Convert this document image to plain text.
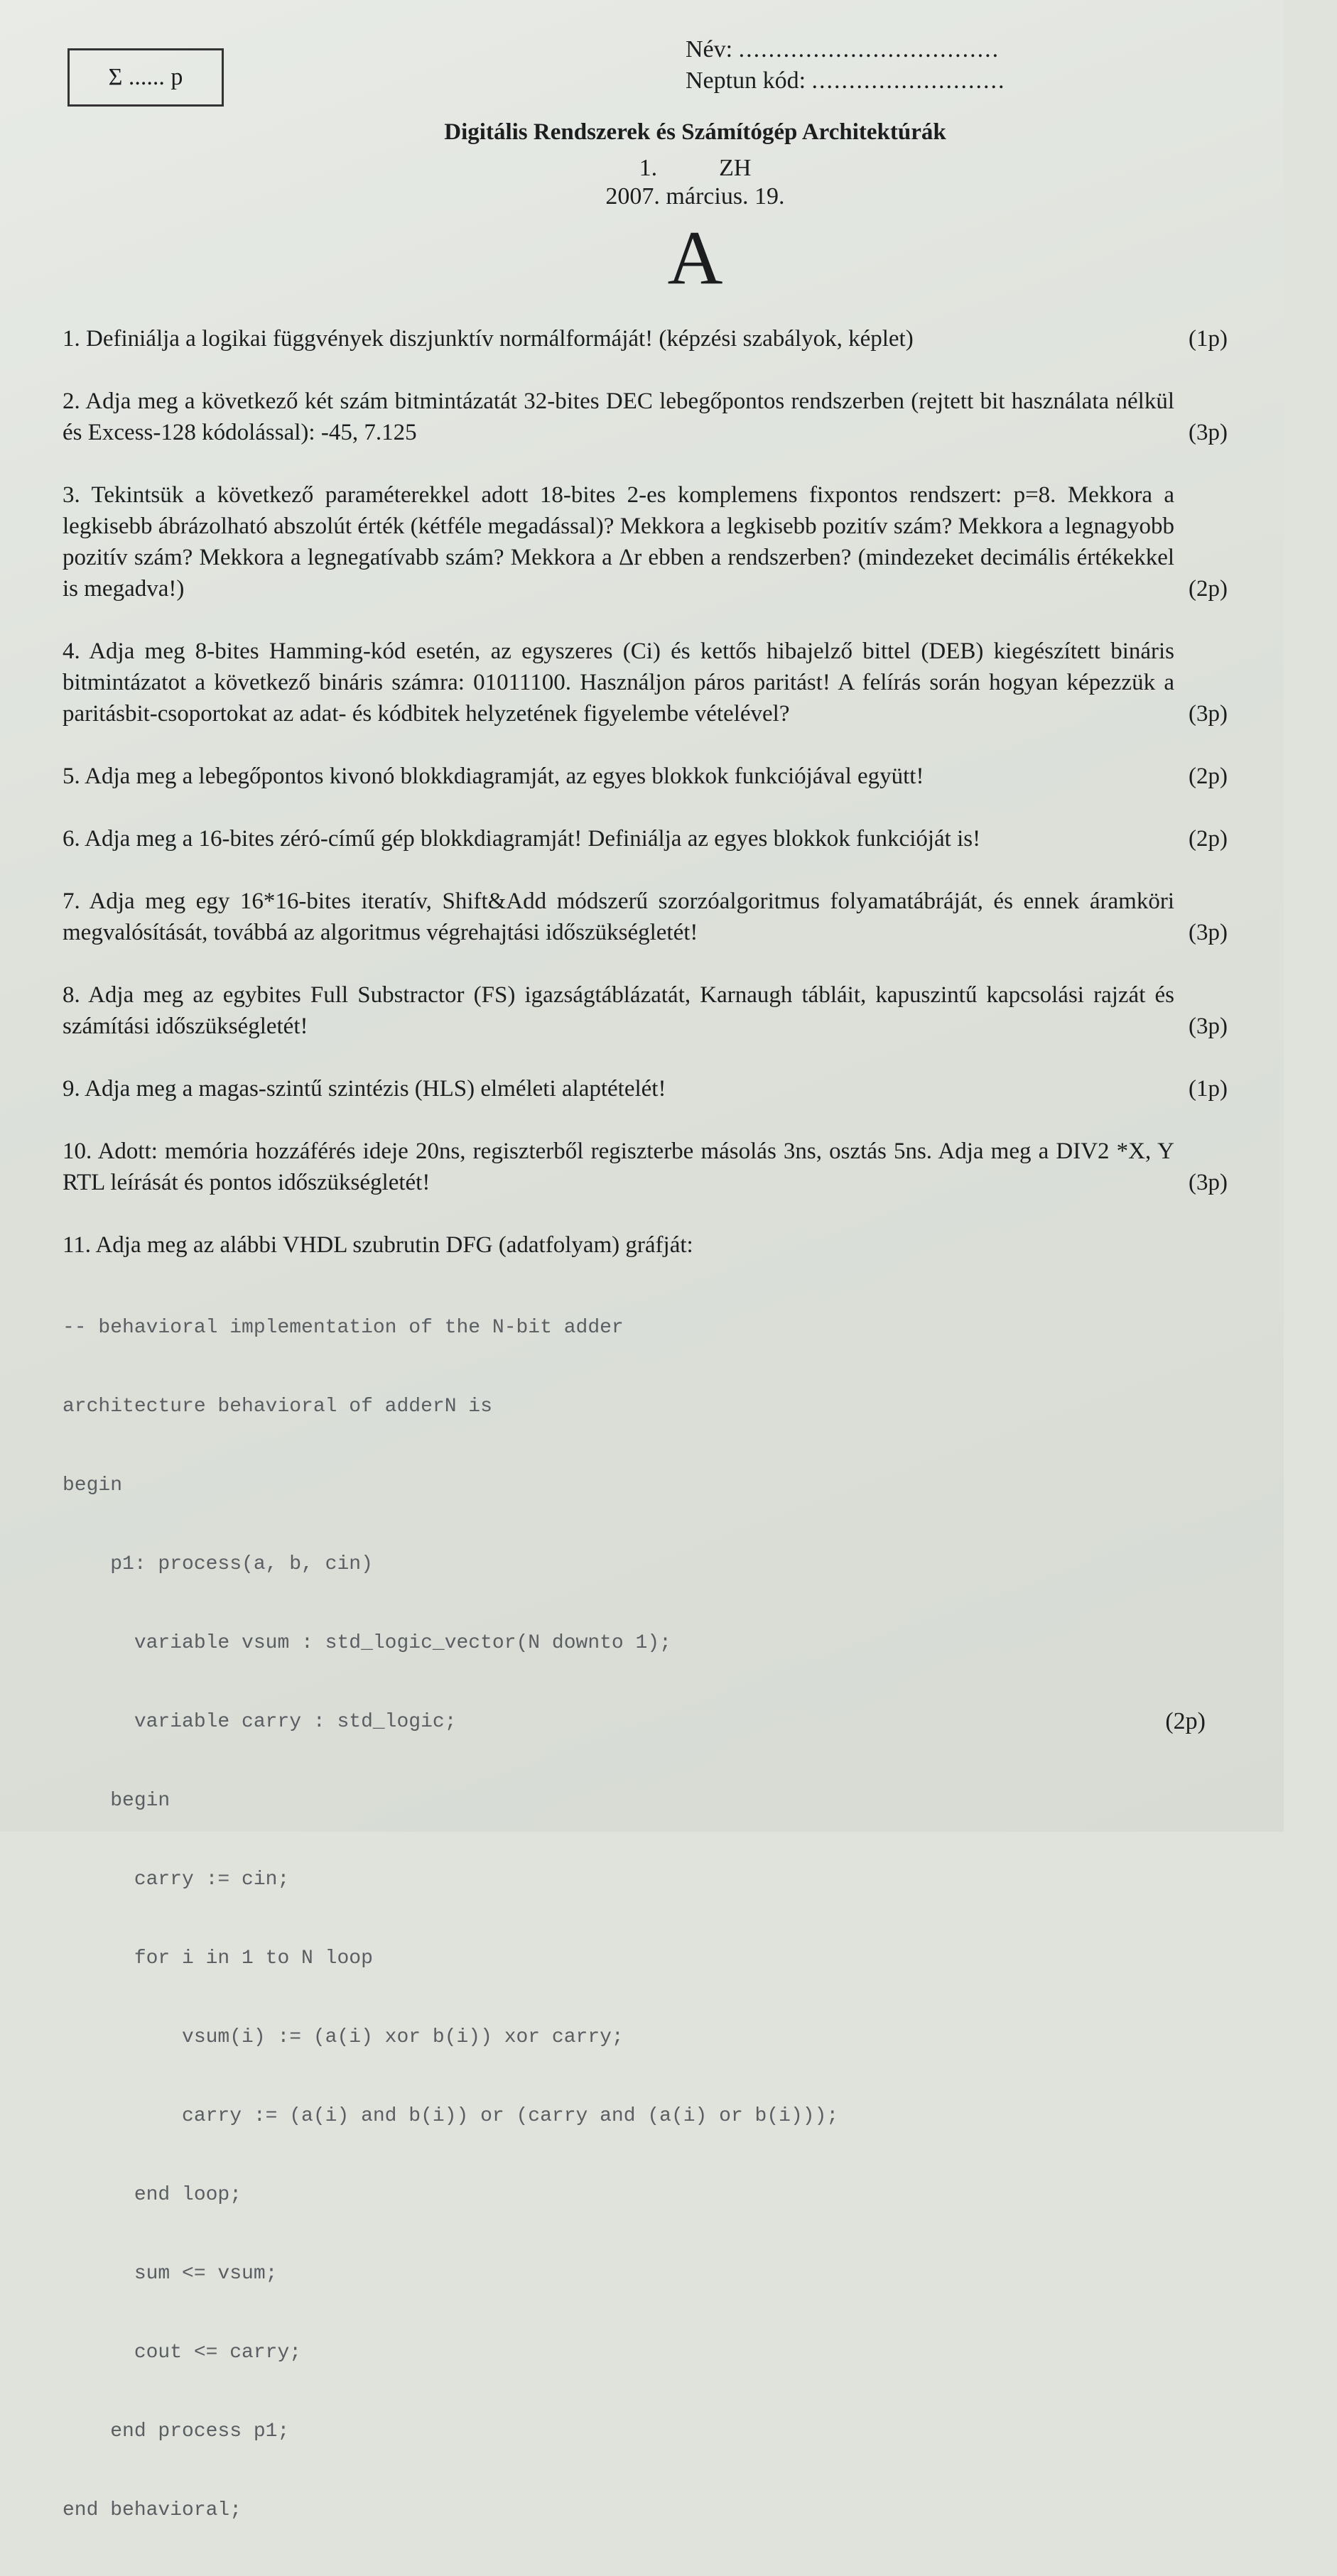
Σ ...... p
Név: ...................................
Neptun kód: ..........................
Digitális Rendszerek és Számítógép Architektúrák
1.	ZH
2007. március. 19.
A
(1p)
1. Definiálja a logikai függvények diszjunktív normálformáját! (képzési szabályok, képlet)
(3p)
2. Adja meg a következő két szám bitmintázatát 32-bites DEC lebegőpontos rendszerben (rejtett bit használata nélkül és Excess-128 kódolással): -45, 7.125
(2p)
3. Tekintsük a következő paraméterekkel adott 18-bites 2-es komplemens fixpontos rendszert: p=8. Mekkora a legkisebb ábrázolható abszolút érték (kétféle megadással)? Mekkora a legkisebb pozitív szám? Mekkora a legnagyobb pozitív szám? Mekkora a legnegatívabb szám? Mekkora a Δr ebben a rendszerben? (mindezeket decimális értékekkel is megadva!)
(3p)
4. Adja meg 8-bites Hamming-kód esetén, az egyszeres (Ci) és kettős hibajelző bittel (DEB) kiegészített bináris bitmintázatot a következő bináris számra: 01011100. Használjon páros paritást! A felírás során hogyan képezzük a paritásbit-csoportokat az adat- és kódbitek helyzetének figyelembe vételével?
(2p)
5. Adja meg a lebegőpontos kivonó blokkdiagramját, az egyes blokkok funkciójával együtt!
(2p)
6. Adja meg a 16-bites zéró-című gép blokkdiagramját! Definiálja az egyes blokkok funkcióját is!
(3p)
7. Adja meg egy 16*16-bites iteratív, Shift&Add módszerű szorzóalgoritmus folyamatábráját, és ennek áramköri megvalósítását, továbbá az algoritmus végrehajtási időszükségletét!
(3p)
8. Adja meg az egybites Full Substractor (FS) igazságtáblázatát, Karnaugh tábláit, kapuszintű kapcsolási rajzát és számítási időszükségletét!
(1p)
9. Adja meg a magas-szintű szintézis (HLS) elméleti alaptételét!
(3p)
10. Adott: memória hozzáférés ideje 20ns, regiszterből regiszterbe másolás 3ns, osztás 5ns. Adja meg a DIV2 *X, Y RTL leírását és pontos időszükségletét!
11. Adja meg az alábbi VHDL szubrutin DFG (adatfolyam) gráfját:

-- behavioral implementation of the N-bit adder

architecture behavioral of adderN is

begin

p1: process(a, b, cin)

variable vsum : std_logic_vector(N downto 1);

variable carry : std_logic;

begin

carry := cin;

for i in 1 to N loop

vsum(i) := (a(i) xor b(i)) xor carry;

carry := (a(i) and b(i)) or (carry and (a(i) or b(i)));

end loop;

sum <= vsum;

cout <= carry;

end process p1;

end behavioral;

(2p)
